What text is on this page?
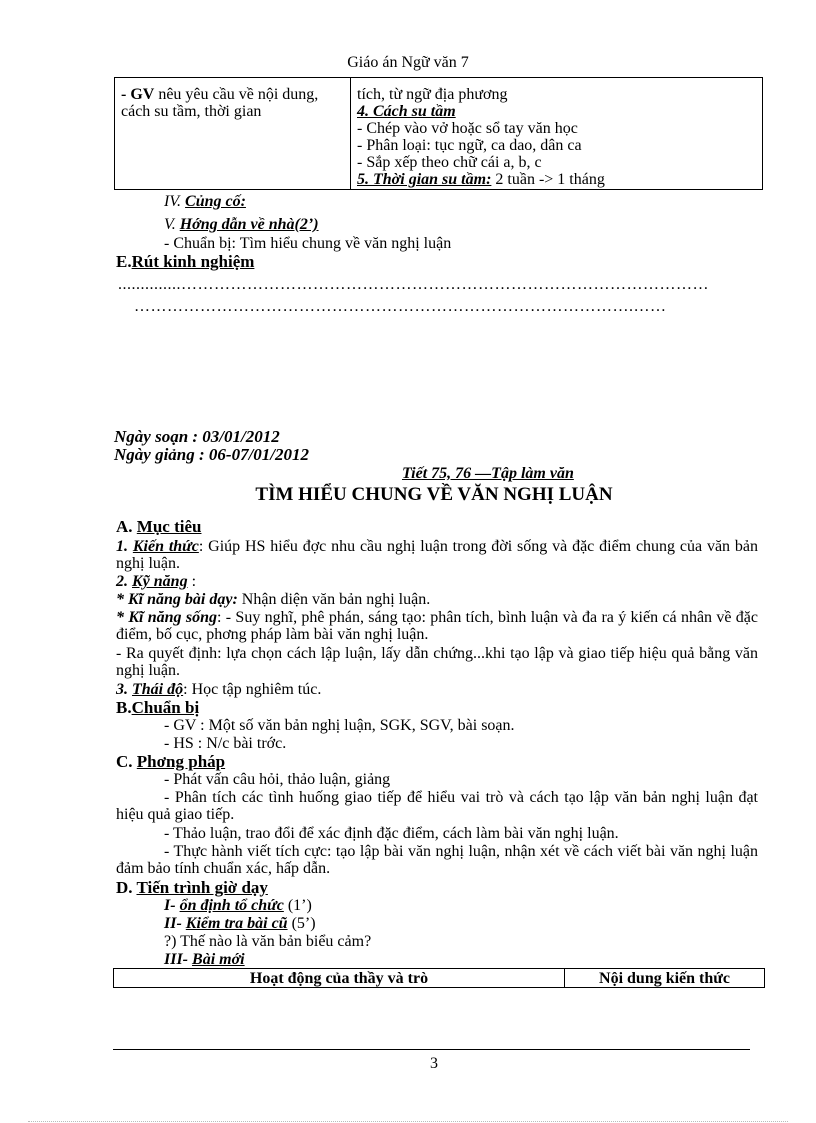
Giáo án Ngữ văn 7
- GV nêu yêu cầu về nội dung, cách su tầm, thời gian
tích, từ ngữ địa phương
4. Cách su tầm
- Chép vào vở hoặc sổ tay văn học
- Phân loại: tục ngữ, ca dao, dân ca
- Sắp xếp theo chữ cái a, b, c
5. Thời gian su tầm: 2 tuần -> 1 tháng
IV. Củng cố:
V. Hớng dẫn về nhà(2’)
- Chuẩn bị: Tìm hiểu chung về văn nghị luận
E.Rút kinh nghiệm
..............……………………………………………………………………………………
……………………………………………………………………………….……
Ngày soạn : 03/01/2012
Ngày giảng : 06-07/01/2012
Tiết 75, 76 —Tập làm văn
TÌM HIỂU CHUNG VỀ VĂN NGHỊ LUẬN
A. Mục tiêu
1. Kiến thức: Giúp HS hiểu đợc nhu cầu nghị luận trong đời sống và đặc điểm chung của văn bản nghị luận.
2. Kỹ năng :
* Kĩ năng bài dạy: Nhận diện văn bản nghị luận.
* Kĩ năng sống: - Suy nghĩ, phê phán, sáng tạo: phân tích, bình luận và đa ra ý kiến cá nhân về đặc điểm, bố cục, phơng pháp làm bài văn nghị luận.
- Ra quyết định: lựa chọn cách lập luận, lấy dẫn chứng...khi tạo lập và giao tiếp hiệu quả bằng văn nghị luận.
3. Thái độ: Học tập nghiêm túc.
B.Chuẩn bị
- GV : Một số văn bản nghị luận, SGK, SGV, bài soạn.
- HS : N/c bài trớc.
C. Phơng pháp
- Phát vấn câu hỏi, thảo luận, giảng
- Phân tích các tình huống giao tiếp để hiểu vai trò và cách tạo lập văn bản nghị luận đạt hiệu quả giao tiếp.
- Thảo luận, trao đổi để xác định đặc điểm, cách làm bài văn nghị luận.
- Thực hành viết tích cực: tạo lập bài văn nghị luận, nhận xét về cách viết bài văn nghị luận đảm bảo tính chuẩn xác, hấp dẫn.
D. Tiến trình giờ dạy
I- ổn định tổ chức (1’)
II- Kiểm tra bài cũ (5’)
?) Thế nào là văn bản biểu cảm?
III- Bài mới
Hoạt động của thầy và trò	Nội dung kiến thức
3
